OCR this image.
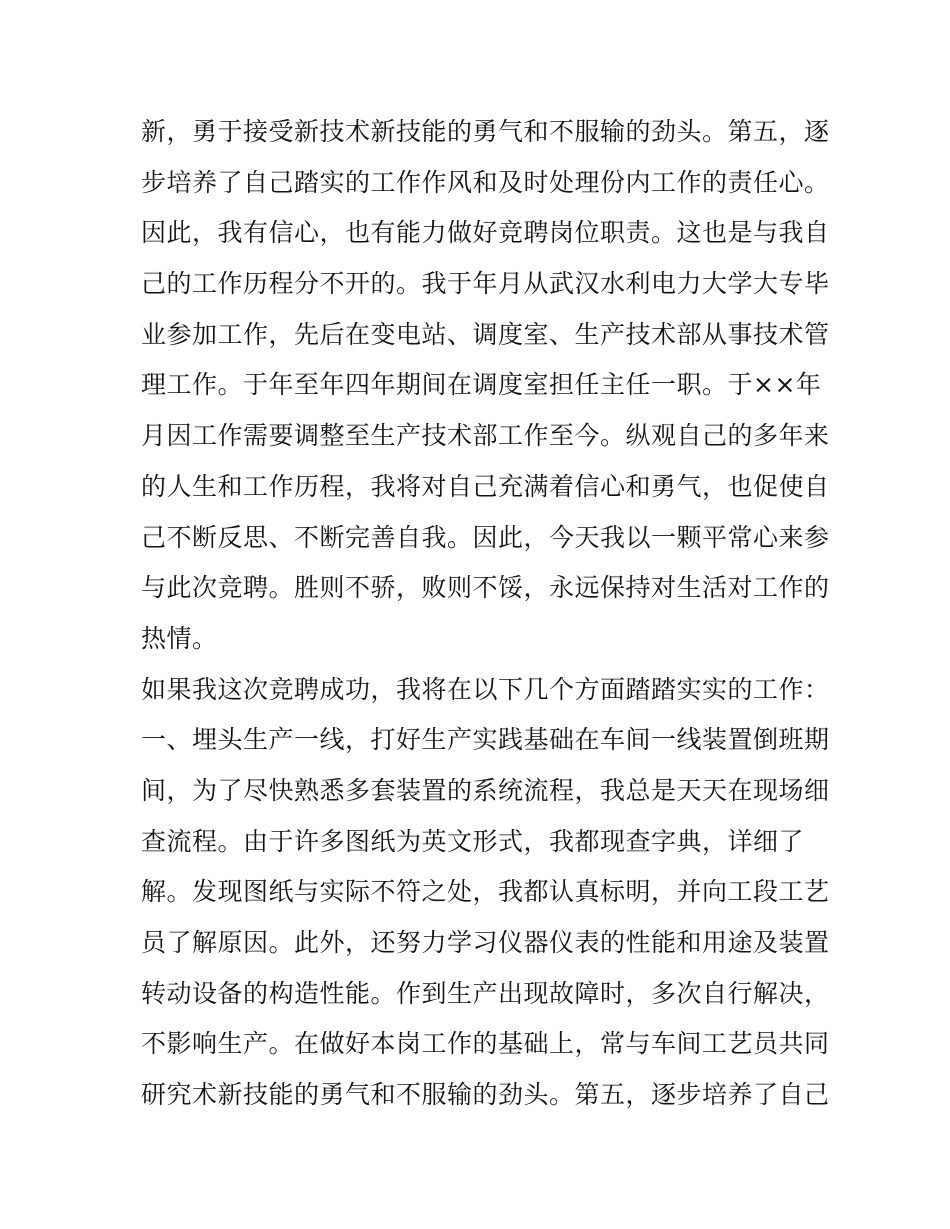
新，勇于接受新技术新技能的勇气和不服输的劲头。第五，逐
步培养了自己踏实的工作作风和及时处理份内工作的责任心。
因此，我有信心，也有能力做好竞聘岗位职责。这也是与我自
己的工作历程分不开的。我于年月从武汉水利电力大学大专毕
业参加工作，先后在变电站、调度室、生产技术部从事技术管
理工作。于年至年四年期间在调度室担任主任一职。于××年
月因工作需要调整至生产技术部工作至今。纵观自己的多年来
的人生和工作历程，我将对自己充满着信心和勇气，也促使自
己不断反思、不断完善自我。因此，今天我以一颗平常心来参
与此次竞聘。胜则不骄，败则不馁，永远保持对生活对工作的
热情。
如果我这次竞聘成功，我将在以下几个方面踏踏实实的工作：
一、埋头生产一线，打好生产实践基础在车间一线装置倒班期
间，为了尽快熟悉多套装置的系统流程，我总是天天在现场细
查流程。由于许多图纸为英文形式，我都现查字典，详细了
解。发现图纸与实际不符之处，我都认真标明，并向工段工艺
员了解原因。此外，还努力学习仪器仪表的性能和用途及装置
转动设备的构造性能。作到生产出现故障时，多次自行解决，
不影响生产。在做好本岗工作的基础上，常与车间工艺员共同
研究术新技能的勇气和不服输的劲头。第五，逐步培养了自己
